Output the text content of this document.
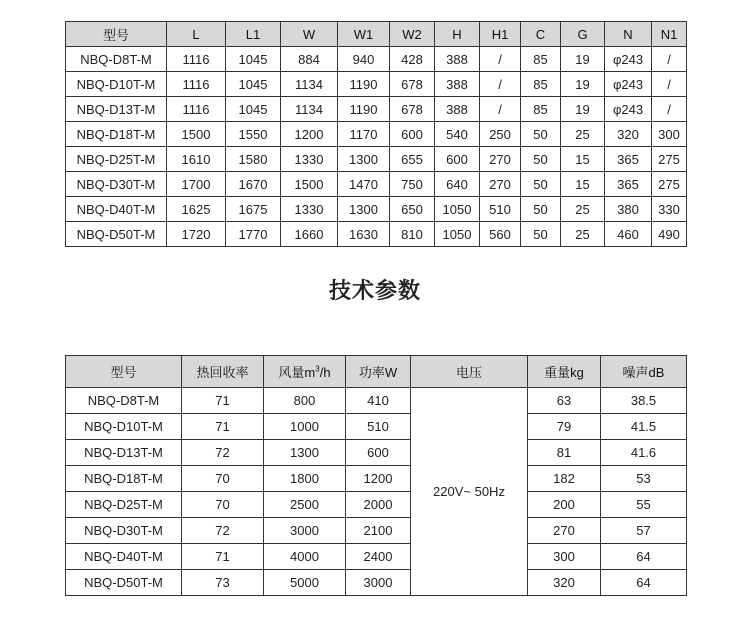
型号	L	L1	W	W1	W2	H	H1	C	G	N	N1
NBQ-D8T-M	1116	1045	884	940	428	388	/	85	19	φ243	/
NBQ-D10T-M	1116	1045	1134	1190	678	388	/	85	19	φ243	/
NBQ-D13T-M	1116	1045	1134	1190	678	388	/	85	19	φ243	/
NBQ-D18T-M	1500	1550	1200	1170	600	540	250	50	25	320	300
NBQ-D25T-M	1610	1580	1330	1300	655	600	270	50	15	365	275
NBQ-D30T-M	1700	1670	1500	1470	750	640	270	50	15	365	275
NBQ-D40T-M	1625	1675	1330	1300	650	1050	510	50	25	380	330
NBQ-D50T-M	1720	1770	1660	1630	810	1050	560	50	25	460	490
技术参数
型号	热回收率	风量$m^3/h$	功率W	电压	重量kg	噪声dB
NBQ-D8T-M	71	800	410	220V~ 50Hz	63	38.5
NBQ-D10T-M	71	1000	510		79	41.5
NBQ-D13T-M	72	1300	600		81	41.6
NBQ-D18T-M	70	1800	1200		182	53
NBQ-D25T-M	70	2500	2000		200	55
NBQ-D30T-M	72	3000	2100		270	57
NBQ-D40T-M	71	4000	2400		300	64
NBQ-D50T-M	73	5000	3000		320	64
